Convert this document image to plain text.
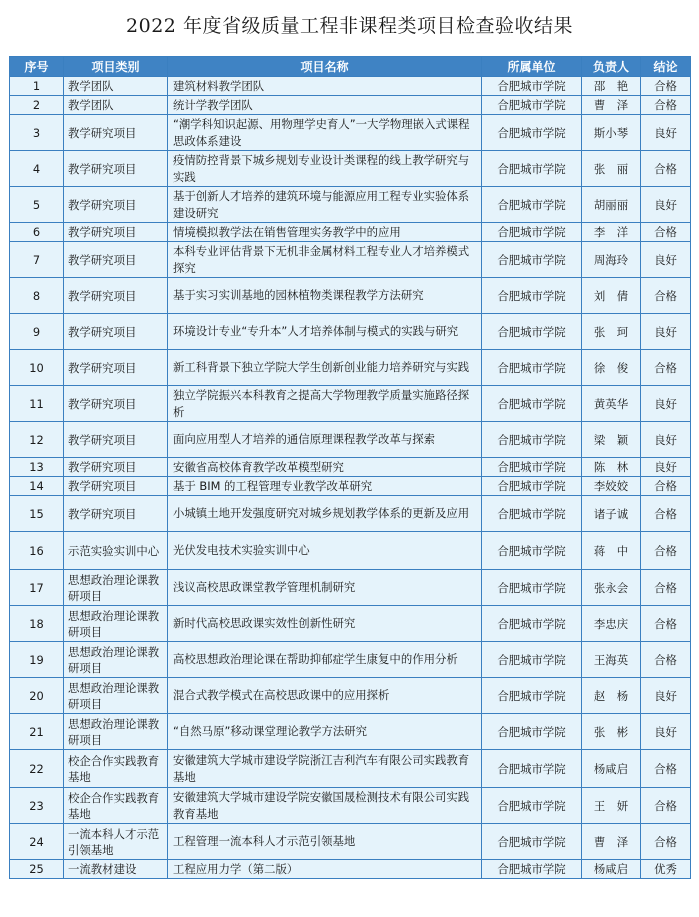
2022 年度省级质量工程非课程类项目检查验收结果
序号	项目类别	项目名称	所属单位	负责人	结论
1	教学团队	建筑材料教学团队	合肥城市学院	邵　艳	合格
2	教学团队	统计学教学团队	合肥城市学院	曹　泽	合格
3	教学研究项目	“潮学科知识起源、用物理学史育人”一大学物理嵌入式课程思政体系建设	合肥城市学院	斯小琴	良好
4	教学研究项目	疫情防控背景下城乡规划专业设计类课程的线上教学研究与实践	合肥城市学院	张　丽	合格
5	教学研究项目	基于创新人才培养的建筑环境与能源应用工程专业实验体系建设研究	合肥城市学院	胡丽丽	良好
6	教学研究项目	情境模拟教学法在销售管理实务教学中的应用	合肥城市学院	李　洋	合格
7	教学研究项目	本科专业评估背景下无机非金属材料工程专业人才培养模式探究	合肥城市学院	周海玲	良好
8	教学研究项目	基于实习实训基地的园林植物类课程教学方法研究	合肥城市学院	刘　倩	合格
9	教学研究项目	环境设计专业“专升本”人才培养体制与模式的实践与研究	合肥城市学院	张　珂	良好
10	教学研究项目	新工科背景下独立学院大学生创新创业能力培养研究与实践	合肥城市学院	徐　俊	合格
11	教学研究项目	独立学院振兴本科教育之提高大学物理教学质量实施路径探析	合肥城市学院	黄英华	良好
12	教学研究项目	面向应用型人才培养的通信原理课程教学改革与探索	合肥城市学院	梁　颖	良好
13	教学研究项目	安徽省高校体育教学改革模型研究	合肥城市学院	陈　林	良好
14	教学研究项目	基于 BIM 的工程管理专业教学改革研究	合肥城市学院	李姣姣	合格
15	教学研究项目	小城镇土地开发强度研究对城乡规划教学体系的更新及应用	合肥城市学院	诸子诚	合格
16	示范实验实训中心	光伏发电技术实验实训中心	合肥城市学院	蒋　中	合格
17	思想政治理论课教研项目	浅议高校思政课堂教学管理机制研究	合肥城市学院	张永会	合格
18	思想政治理论课教研项目	新时代高校思政课实效性创新性研究	合肥城市学院	李忠庆	合格
19	思想政治理论课教研项目	高校思想政治理论课在帮助抑郁症学生康复中的作用分析	合肥城市学院	王海英	合格
20	思想政治理论课教研项目	混合式教学模式在高校思政课中的应用探析	合肥城市学院	赵　杨	良好
21	思想政治理论课教研项目	“自然马原”移动课堂理论教学方法研究	合肥城市学院	张　彬	良好
22	校企合作实践教育基地	安徽建筑大学城市建设学院浙江吉利汽车有限公司实践教育基地	合肥城市学院	杨咸启	合格
23	校企合作实践教育基地	安徽建筑大学城市建设学院安徽国晟检测技术有限公司实践教育基地	合肥城市学院	王　妍	合格
24	一流本科人才示范引领基地	工程管理一流本科人才示范引领基地	合肥城市学院	曹　泽	合格
25	一流教材建设	工程应用力学（第二版）	合肥城市学院	杨咸启	优秀
